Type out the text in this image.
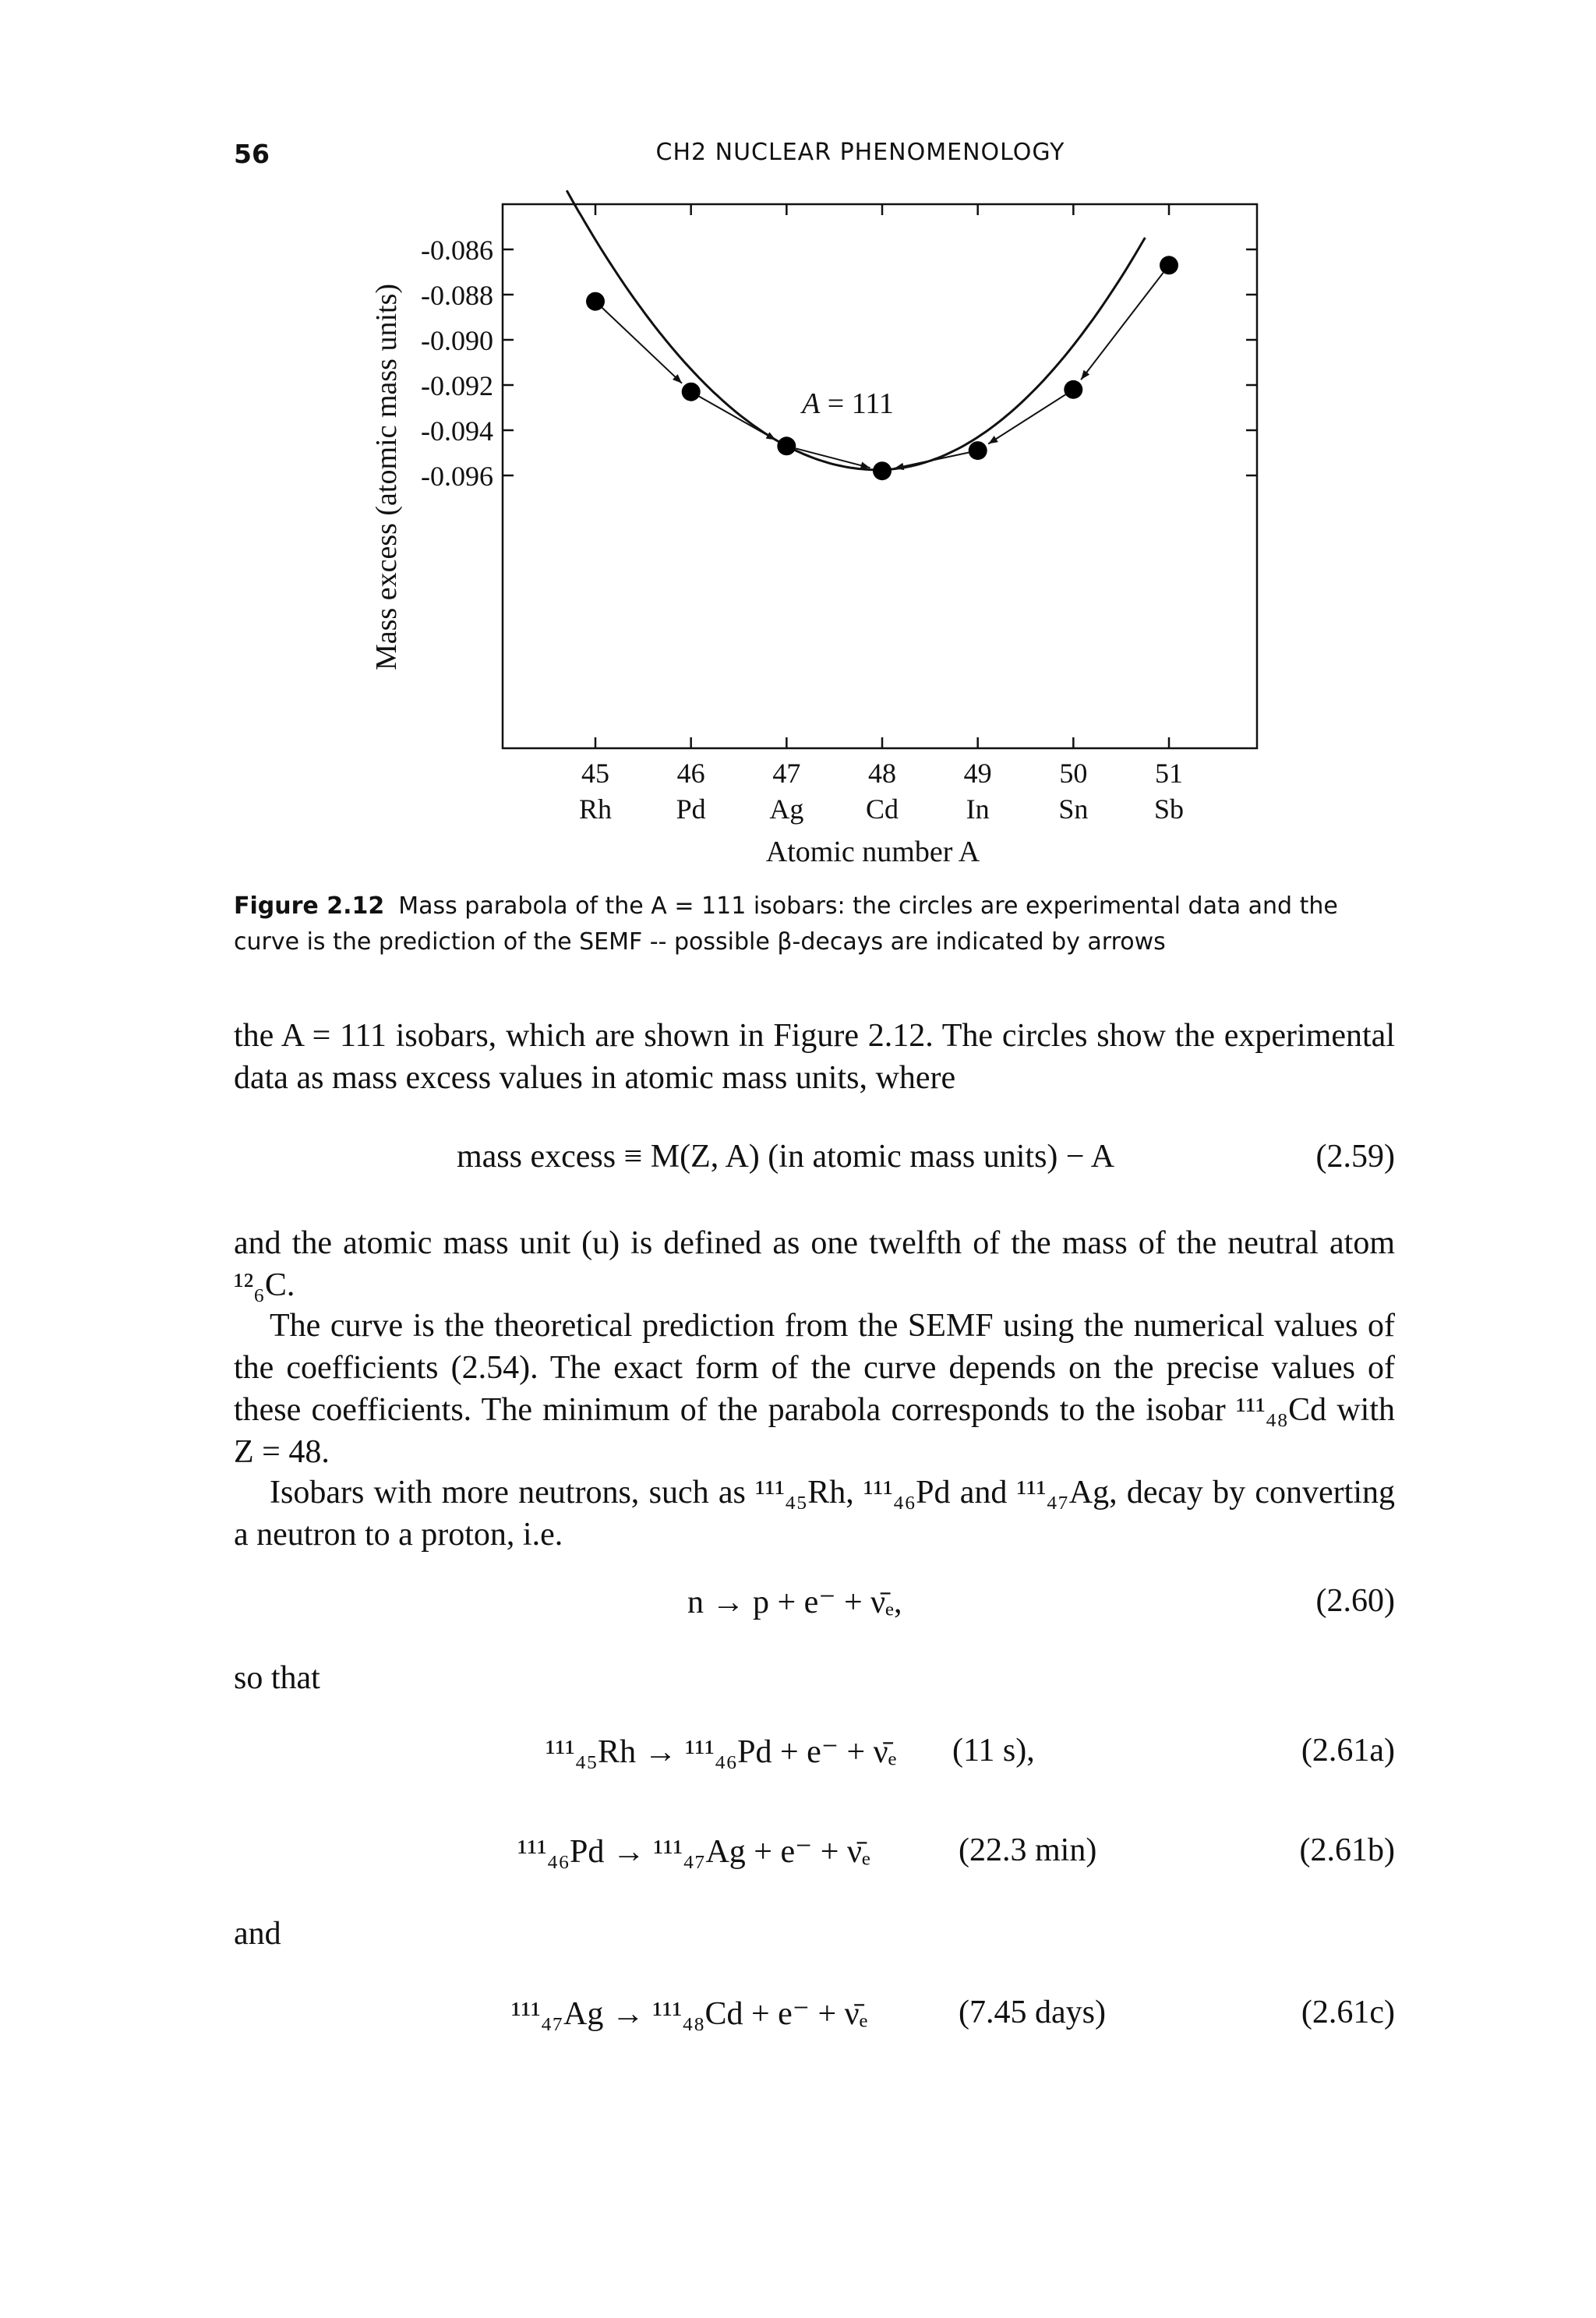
56	CH2 NUCLEAR PHENOMENOLOGY
-0.086
-0.088
-0.090
-0.092
-0.094
-0.096
45
Rh
46
Pd
47
Ag
48
Cd
49
In
50
Sn
51
Sb
A = 111
Atomic number A
Mass excess (atomic mass units)
Figure 2.12 Mass parabola of the A = 111 isobars: the circles are experimental data and the curve is the prediction of the SEMF -- possible β-decays are indicated by arrows
the A = 111 isobars, which are shown in Figure 2.12. The circles show the experimental data as mass excess values in atomic mass units, where
mass excess ≡ M(Z, A) (in atomic mass units) − A	(2.59)
and the atomic mass unit (u) is defined as one twelfth of the mass of the neutral atom ¹²₆C.
The curve is the theoretical prediction from the SEMF using the numerical values of the coefficients (2.54). The exact form of the curve depends on the precise values of these coefficients. The minimum of the parabola corresponds to the isobar ¹¹¹₄₈Cd with Z = 48.
Isobars with more neutrons, such as ¹¹¹₄₅Rh, ¹¹¹₄₆Pd and ¹¹¹₄₇Ag, decay by converting a neutron to a proton, i.e.
n → p + e⁻ + ν̄ₑ,	(2.60)
so that
¹¹¹₄₅Rh → ¹¹¹₄₆Pd + e⁻ + ν̄ₑ (11 s),	(2.61a)
¹¹¹₄₆Pd → ¹¹¹₄₇Ag + e⁻ + ν̄ₑ	(22.3 min)	(2.61b)
and
¹¹¹₄₇Ag → ¹¹¹₄₈Cd + e⁻ + ν̄ₑ	(7.45 days)	(2.61c)
